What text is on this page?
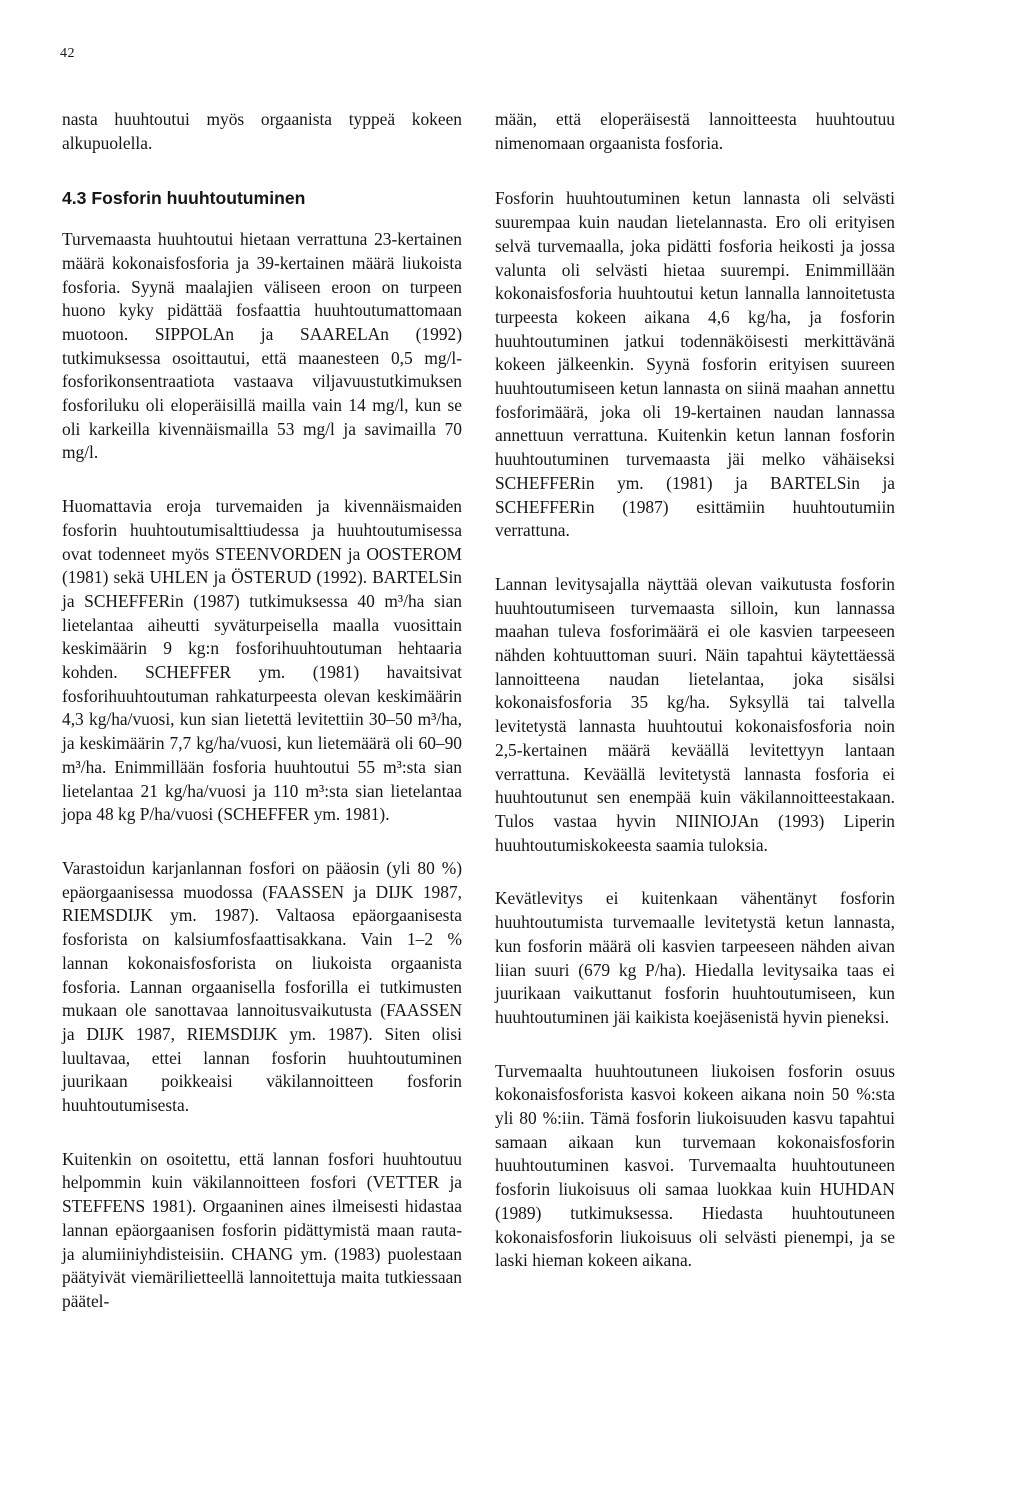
42

nasta huuhtoutui myös orgaanista typpeä kokeen alkupuolella.

4.3 Fosforin huuhtoutuminen

Turvemaasta huuhtoutui hietaan verrattuna 23-kertainen määrä kokonaisfosforia ja 39-kertainen määrä liukoista fosforia. Syynä maalajien väliseen eroon on turpeen huono kyky pidättää fosfaattia huuhtoutumattomaan muotoon. SIPPOLAn ja SAARELAn (1992) tutkimuksessa osoittautui, että maanesteen 0,5 mg/l-fosforikonsentraatiota vastaava viljavuustutkimuksen fosforiluku oli eloperäisillä mailla vain 14 mg/l, kun se oli karkeilla kivennäismailla 53 mg/l ja savimailla 70 mg/l.

Huomattavia eroja turvemaiden ja kivennäismaiden fosforin huuhtoutumisalttiudessa ja huuhtoutumisessa ovat todenneet myös STEENVORDEN ja OOSTEROM (1981) sekä UHLEN ja ÖSTERUD (1992). BARTELSin ja SCHEFFERin (1987) tutkimuksessa 40 m³/ha sian lietelantaa aiheutti syväturpeisella maalla vuosittain keskimäärin 9 kg:n fosforihuuhtoutuman hehtaaria kohden. SCHEFFER ym. (1981) havaitsivat fosforihuuhtoutuman rahkaturpeesta olevan keskimäärin 4,3 kg/ha/vuosi, kun sian lietettä levitettiin 30–50 m³/ha, ja keskimäärin 7,7 kg/ha/vuosi, kun lietemäärä oli 60–90 m³/ha. Enimmillään fosforia huuhtoutui 55 m³:sta sian lietelantaa 21 kg/ha/vuosi ja 110 m³:sta sian lietelantaa jopa 48 kg P/ha/vuosi (SCHEFFER ym. 1981).

Varastoidun karjanlannan fosfori on pääosin (yli 80 %) epäorgaanisessa muodossa (FAASSEN ja DIJK 1987, RIEMSDIJK ym. 1987). Valtaosa epäorgaanisesta fosforista on kalsiumfosfaattisakkana. Vain 1–2 % lannan kokonaisfosforista on liukoista orgaanista fosforia. Lannan orgaanisella fosforilla ei tutkimusten mukaan ole sanottavaa lannoitusvaikutusta (FAASSEN ja DIJK 1987, RIEMSDIJK ym. 1987). Siten olisi luultavaa, ettei lannan fosforin huuhtoutuminen juurikaan poikkeaisi väkilannoitteen fosforin huuhtoutumisesta.

Kuitenkin on osoitettu, että lannan fosfori huuhtoutuu helpommin kuin väkilannoitteen fosfori (VETTER ja STEFFENS 1981). Orgaaninen aines ilmeisesti hidastaa lannan epäorgaanisen fosforin pidättymistä maan rauta- ja alumiiniyhdisteisiin. CHANG ym. (1983) puolestaan päätyivät viemärilietteellä lannoitettuja maita tutkiessaan päätel-

mään, että eloperäisestä lannoitteesta huuhtoutuu nimenomaan orgaanista fosforia.

Fosforin huuhtoutuminen ketun lannasta oli selvästi suurempaa kuin naudan lietelannasta. Ero oli erityisen selvä turvemaalla, joka pidätti fosforia heikosti ja jossa valunta oli selvästi hietaa suurempi. Enimmillään kokonaisfosforia huuhtoutui ketun lannalla lannoitetusta turpeesta kokeen aikana 4,6 kg/ha, ja fosforin huuhtoutuminen jatkui todennäköisesti merkittävänä kokeen jälkeenkin. Syynä fosforin erityisen suureen huuhtoutumiseen ketun lannasta on siinä maahan annettu fosforimäärä, joka oli 19-kertainen naudan lannassa annettuun verrattuna. Kuitenkin ketun lannan fosforin huuhtoutuminen turvemaasta jäi melko vähäiseksi SCHEFFERin ym. (1981) ja BARTELSin ja SCHEFFERin (1987) esittämiin huuhtoutumiin verrattuna.

Lannan levitysajalla näyttää olevan vaikutusta fosforin huuhtoutumiseen turvemaasta silloin, kun lannassa maahan tuleva fosforimäärä ei ole kasvien tarpeeseen nähden kohtuuttoman suuri. Näin tapahtui käytettäessä lannoitteena naudan lietelantaa, joka sisälsi kokonaisfosforia 35 kg/ha. Syksyllä tai talvella levitetystä lannasta huuhtoutui kokonaisfosforia noin 2,5-kertainen määrä keväällä levitettyyn lantaan verrattuna. Keväällä levitetystä lannasta fosforia ei huuhtoutunut sen enempää kuin väkilannoitteestakaan. Tulos vastaa hyvin NIINIOJAn (1993) Liperin huuhtoutumiskokeesta saamia tuloksia.

Kevätlevitys ei kuitenkaan vähentänyt fosforin huuhtoutumista turvemaalle levitetystä ketun lannasta, kun fosforin määrä oli kasvien tarpeeseen nähden aivan liian suuri (679 kg P/ha). Hiedalla levitysaika taas ei juurikaan vaikuttanut fosforin huuhtoutumiseen, kun huuhtoutuminen jäi kaikista koejäsenistä hyvin pieneksi.

Turvemaalta huuhtoutuneen liukoisen fosforin osuus kokonaisfosforista kasvoi kokeen aikana noin 50 %:sta yli 80 %:iin. Tämä fosforin liukoisuuden kasvu tapahtui samaan aikaan kun turvemaan kokonaisfosforin huuhtoutuminen kasvoi. Turvemaalta huuhtoutuneen fosforin liukoisuus oli samaa luokkaa kuin HUHDAN (1989) tutkimuksessa. Hiedasta huuhtoutuneen kokonaisfosforin liukoisuus oli selvästi pienempi, ja se laski hieman kokeen aikana.
